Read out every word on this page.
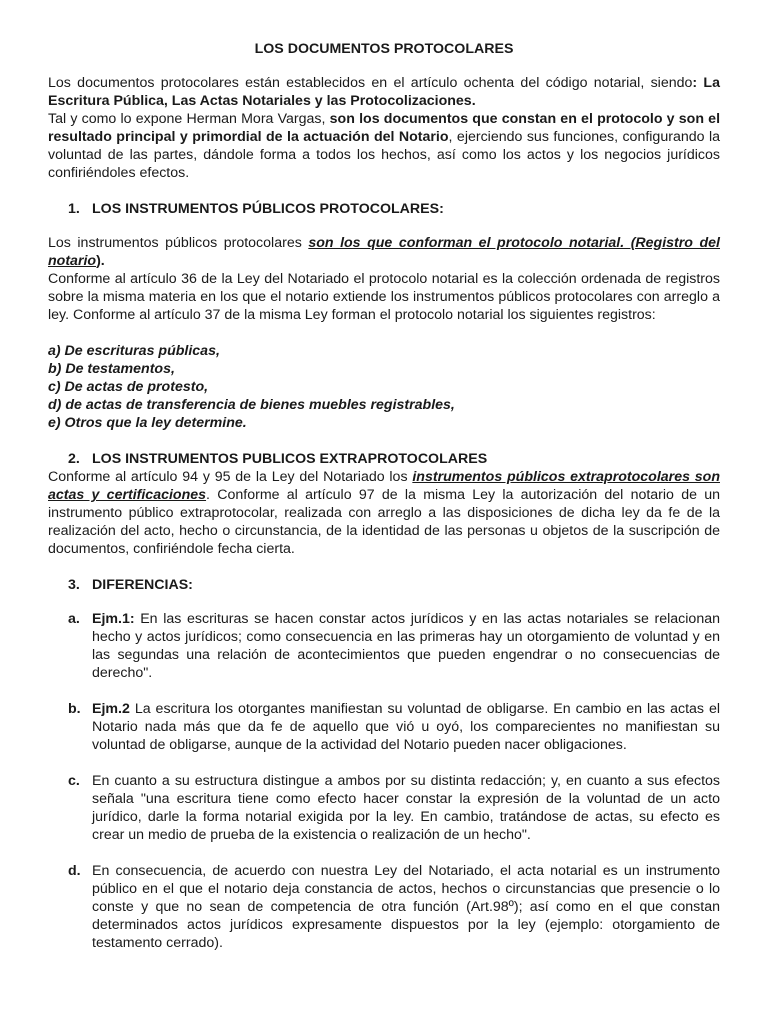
LOS DOCUMENTOS PROTOCOLARES

Los documentos protocolares están establecidos en el artículo ochenta del código notarial, siendo: La Escritura Pública, Las Actas Notariales y las Protocolizaciones.

Tal y como lo expone Herman Mora Vargas, son los documentos que constan en el protocolo y son el resultado principal y primordial de la actuación del Notario, ejerciendo sus funciones, configurando la voluntad de las partes, dándole forma a todos los hechos, así como los actos y los negocios jurídicos confiriéndoles efectos.

1. LOS INSTRUMENTOS PÚBLICOS PROTOCOLARES:

Los instrumentos públicos protocolares son los que conforman el protocolo notarial. (Registro del notario).

Conforme al artículo 36 de la Ley del Notariado el protocolo notarial es la colección ordenada de registros sobre la misma materia en los que el notario extiende los instrumentos públicos protocolares con arreglo a ley. Conforme al artículo 37 de la misma Ley forman el protocolo notarial los siguientes registros:

a) De escrituras públicas,
b) De testamentos,
c) De actas de protesto,
d) de actas de transferencia de bienes muebles registrables,
e) Otros que la ley determine.
2. LOS INSTRUMENTOS PUBLICOS EXTRAPROTOCOLARES

Conforme al artículo 94 y 95 de la Ley del Notariado los instrumentos públicos extraprotocolares son actas y certificaciones. Conforme al artículo 97 de la misma Ley la autorización del notario de un instrumento público extraprotocolar, realizada con arreglo a las disposiciones de dicha ley da fe de la realización del acto, hecho o circunstancia, de la identidad de las personas u objetos de la suscripción de documentos, confiriéndole fecha cierta.

3. DIFERENCIAS:
a. Ejm.1: En las escrituras se hacen constar actos jurídicos y en las actas notariales se relacionan hecho y actos jurídicos; como consecuencia en las primeras hay un otorgamiento de voluntad y en las segundas una relación de acontecimientos que pueden engendrar o no consecuencias de derecho".
b. Ejm.2 La escritura los otorgantes manifiestan su voluntad de obligarse. En cambio en las actas el Notario nada más que da fe de aquello que vió u oyó, los comparecientes no manifiestan su voluntad de obligarse, aunque de la actividad del Notario pueden nacer obligaciones.
c. En cuanto a su estructura distingue a ambos por su distinta redacción; y, en cuanto a sus efectos señala "una escritura tiene como efecto hacer constar la expresión de la voluntad de un acto jurídico, darle la forma notarial exigida por la ley. En cambio, tratándose de actas, su efecto es crear un medio de prueba de la existencia o realización de un hecho".
d. En consecuencia, de acuerdo con nuestra Ley del Notariado, el acta notarial es un instrumento público en el que el notario deja constancia de actos, hechos o circunstancias que presencie o lo conste y que no sean de competencia de otra función (Art.98º); así como en el que constan determinados actos jurídicos expresamente dispuestos por la ley (ejemplo: otorgamiento de testamento cerrado).
